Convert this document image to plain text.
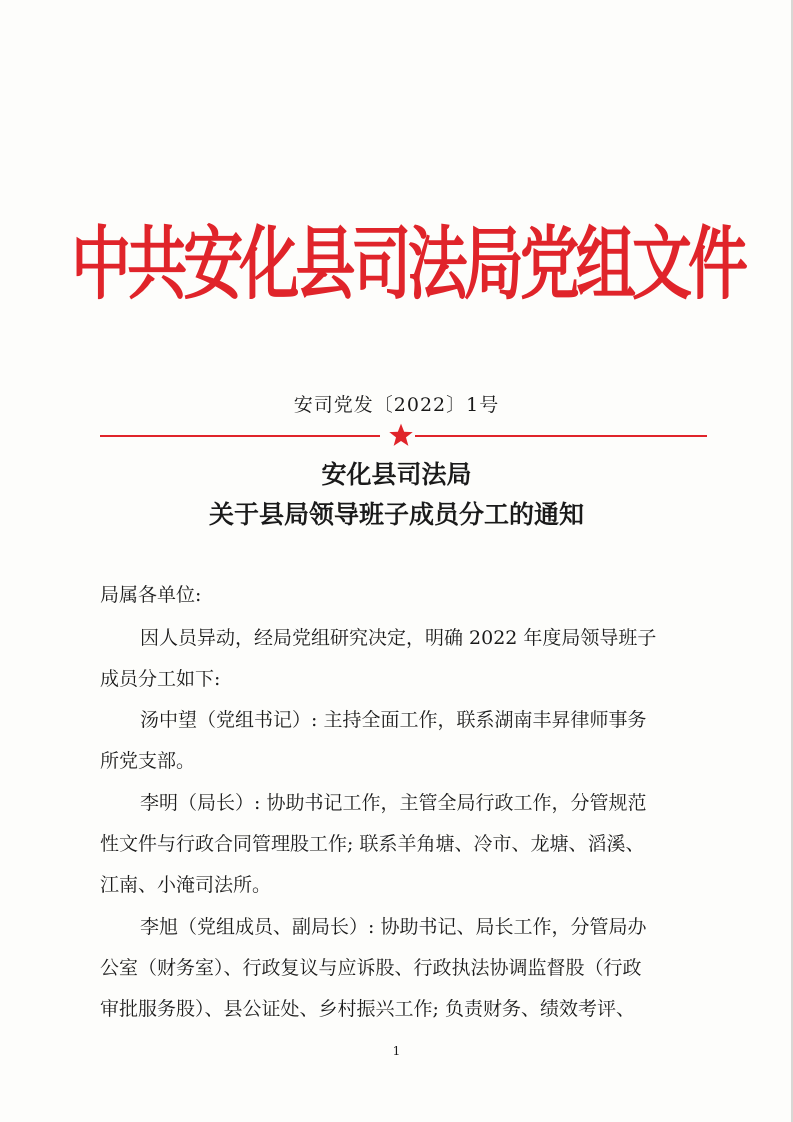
中共安化县司法局党组文件
安司党发〔2022〕1号
安化县司法局
关于县局领导班子成员分工的通知
局属各单位:
因人员异动，经局党组研究决定，明确 2022 年度局领导班子
成员分工如下:
汤中望（党组书记）: 主持全面工作，联系湖南丰昇律师事务
所党支部。
李明（局长）: 协助书记工作，主管全局行政工作，分管规范
性文件与行政合同管理股工作; 联系羊角塘、冷市、龙塘、滔溪、
江南、小淹司法所。
李旭（党组成员、副局长）: 协助书记、局长工作，分管局办
公室（财务室）、行政复议与应诉股、行政执法协调监督股（行政
审批服务股）、县公证处、乡村振兴工作; 负责财务、绩效考评、
1
